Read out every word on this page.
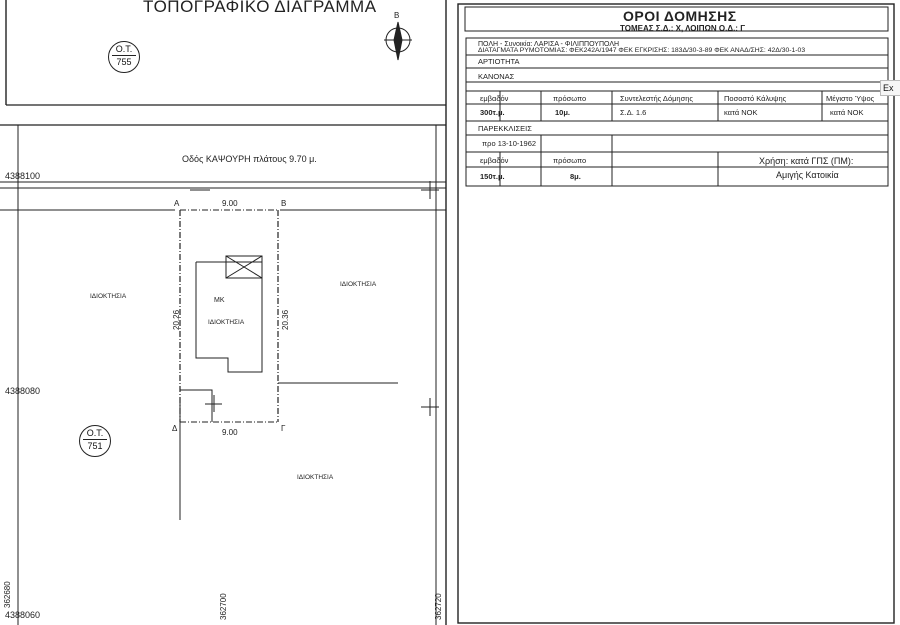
ΤΟΠΟΓΡΑΦΙΚΟ ΔΙΑΓΡΑΜΜΑ Β
Ο.Τ.
755
Ο.Τ.
751
Οδός ΚΑΨΟΥΡΗ πλάτους 9.70 μ.
4388100
4388080
4388060
362680	362700	362720
Α	Β
Γ
Δ
9.00
9.00
20.26	20.36
ΜΚ
ΙΔΙΟΚΤΗΣΙΑ
ΙΔΙΟΚΤΗΣΙΑ
ΙΔΙΟΚΤΗΣΙΑ
ΙΔΙΟΚΤΗΣΙΑ
ΟΡΟΙ ΔΟΜΗΣΗΣ
ΤΟΜΕΑΣ Σ.Δ.: Χ, ΛΟΙΠΩΝ Ο.Δ.: Γ
ΠΟΛΗ - Συνοικία: ΛΑΡΙΣΑ - ΦΙΛΙΠΠΟΥΠΟΛΗ
ΔΙΑΤΑΓΜΑΤΑ ΡΥΜΟΤΟΜΙΑΣ: ΦΕΚ242Α/1947 ΦΕΚ ΕΓΚΡΙΣΗΣ: 183Δ/30-3-89 ΦΕΚ ΑΝΑΔ/ΣΗΣ: 42Δ/30-1-03
ΑΡΤΙΟΤΗΤΑ
ΚΑΝΟΝΑΣ
εμβαδόν	πρόσωπο	Συντελεστής Δόμησης	Ποσοστό Κάλυψης	Μέγιστο Ύψος
300τ.μ.	10μ.	Σ.Δ. 1.6	κατά ΝΟΚ	κατά ΝΟΚ
ΠΑΡΕΚΚΛΙΣΕΙΣ
προ 13-10-1962
εμβαδόν	πρόσωπο
150τ.μ.	8μ.
Χρήση: κατά ΓΠΣ (ΠΜ):
Αμιγής Κατοικία
Ex
